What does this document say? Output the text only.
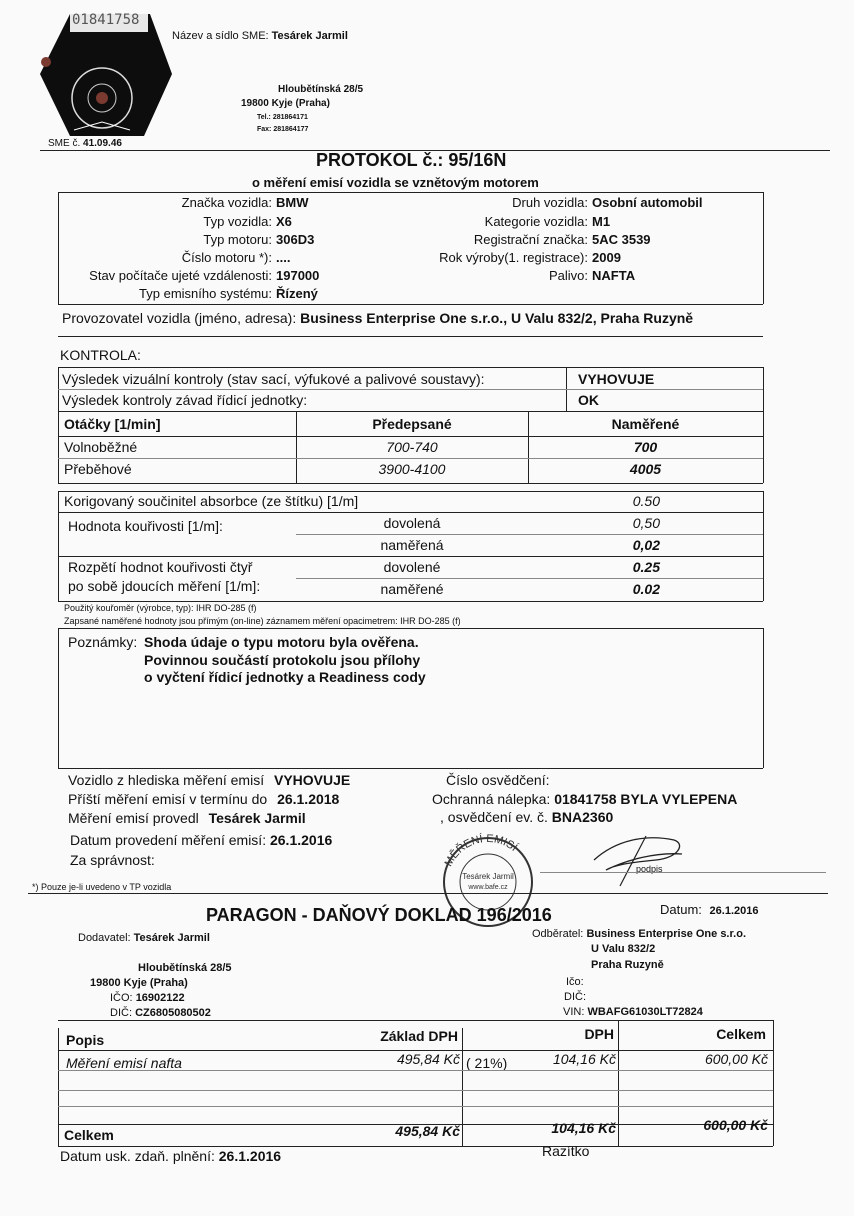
01841758
Název a sídlo SME: Tesárek Jarmil
Hloubětínská 28/5
19800 Kyje (Praha)
Tel.: 281864171
Fax: 281864177
SME č. 41.09.46
PROTOKOL č.: 95/16N
o měření emisí vozidla se vznětovým motorem
Značka vozidla: BMW
Typ vozidla: X6
Typ motoru: 306D3
Číslo motoru *): ....
Stav počítače ujeté vzdálenosti: 197000
Typ emisního systému: Řízený
Druh vozidla: Osobní automobil
Kategorie vozidla: M1
Registrační značka: 5AC 3539
Rok výroby(1. registrace): 2009
Palivo: NAFTA
Provozovatel vozidla (jméno, adresa): Business Enterprise One s.r.o., U Valu 832/2, Praha Ruzyně
KONTROLA:
Výsledek vizuální kontroly (stav sací, výfukové a palivové soustavy):	VYHOVUJE
Výsledek kontroly závad řídicí jednotky:	OK
Otáčky [1/min]	Předepsané	Naměřené
Volnoběžné	700-740	700
Přeběhové	3900-4100	4005
Korigovaný součinitel absorbce (ze štítku) [1/m]	0.50
Hodnota kouřivosti [1/m]:	dovolená	0,50
naměřená	0,02
Rozpětí hodnot kouřivosti čtyř
po sobě jdoucích měření [1/m]:
dovolené	0.25
naměřené	0.02
Použitý kouřoměr (výrobce, typ): IHR DO-285 (f)
Zapsané naměřené hodnoty jsou přímým (on-line) záznamem měření opacimetrem: IHR DO-285 (f)
Poznámky: Shoda údaje o typu motoru byla ověřena.
Povinnou součástí protokolu jsou přílohy
o vyčtení řídicí jednotky a Readiness cody
Vozidlo z hlediska měření emisí VYHOVUJE
Příští měření emisí v termínu do 26.1.2018
Měření emisí provedl Tesárek Jarmil
Datum provedení měření emisí: 26.1.2016
Za správnost:
Číslo osvědčení:
Ochranná nálepka: 01841758 BYLA VYLEPENA
, osvědčení ev. č. BNA2360
MĚŘENÍ EMISÍ
Tesárek Jarmil
www.bafe.cz
podpis
*) Pouze je-li uvedeno v TP vozidla
PARAGON - DAŇOVÝ DOKLAD 196/2016	Datum: 26.1.2016
Dodavatel: Tesárek Jarmil
Hloubětínská 28/5
19800 Kyje (Praha)
IČO: 16902122
DIČ: CZ6805080502
Odběratel: Business Enterprise One s.r.o.
U Valu 832/2
Praha Ruzyně
Ičo:
DIČ:
VIN: WBAFG61030LT72824
Popis	Základ DPH	DPH	Celkem
Měření emisí nafta	495,84 Kč ( 21%)	104,16 Kč	600,00 Kč
Celkem	495,84 Kč	104,16 Kč	600,00 Kč
Datum usk. zdaň. plnění: 26.1.2016	Razítko
